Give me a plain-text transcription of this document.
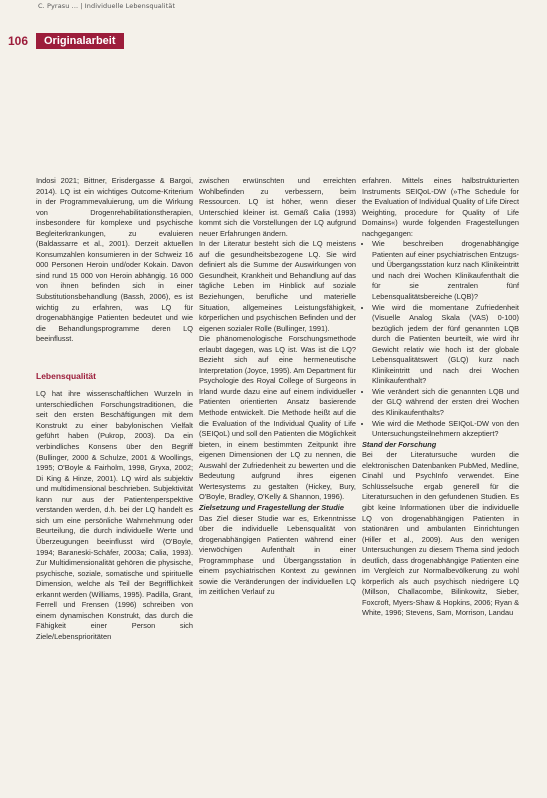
C. Pyrasu ... | Individuelle Lebensqualität
106	Originalarbeit

Indosi 2021; Bittner, Erisdergasse & Bargoi, 2014). LQ ist ein wichtiges Outcome-Kriterium in der Programmevaluierung, um die Wirkung von Drogenrehabilitationstherapien, insbesondere für komplexe und psychische Begleiterkrankungen, zu evaluieren (Baldassarre et al., 2001). Derzeit aktuellen Konsumzahlen konsumieren in der Schweiz 16 000 Personen Heroin und/oder Kokain. Davon sind rund 15 000 von Heroin abhängig. 16 000 von ihnen befinden sich in einer Substitutionsbehandlung (Bassh, 2006), es ist wichtig zu erfahren, was LQ für drogenabhängige Patienten bedeutet und wie die Behandlungsprogramme deren LQ beeinflusst.

Lebensqualität

LQ hat ihre wissenschaftlichen Wurzeln in unterschiedlichen Forschungstraditionen, die seit den ersten Beschäftigungen mit dem Konstrukt zu einer babylonischen Vielfalt geführt haben (Pukrop, 2003). Da ein verbindliches Konsens über den Begriff (Bullinger, 2000 & Schulze, 2001 & Woollings, 1995; O'Boyle & Fairholm, 1998, Gryxa, 2002; Di King & Hinze, 2001). LQ wird als subjektiv und multidimensional beschrieben. Subjektivität kann nur aus der Patientenperspektive verstanden werden, d.h. bei der LQ handelt es sich um eine persönliche Wahrnehmung oder Beurteilung, die durch individuelle Werte und Überzeugungen beeinflusst wird (O'Boyle, 1994; Baraneski-Schäfer, 2003a; Calia, 1993). Zur Multidimensionalität gehören die physische, psychische, soziale, somatische und spirituelle Dimension, welche als Teil der Begrifflichkeit erkannt werden (Williams, 1995). Padilla, Grant, Ferrell und Frensen (1996) schreiben von einem dynamischen Konstrukt, das durch die Fähigkeit einer Person sich Ziele/Lebensprioritäten

zwischen erwünschten und erreichten Wohlbefinden zu verbessern, beim Ressourcen. LQ ist höher, wenn dieser Unterschied kleiner ist. Gemäß Calia (1993) kommt sich die Vorstellungen der LQ aufgrund neuer Erfahrungen ändern.

In der Literatur besteht sich die LQ meistens auf die gesundheitsbezogene LQ. Sie wird definiert als die Summe der Auswirkungen von Gesundheit, Krankheit und Behandlung auf das tägliche Leben im Hinblick auf soziale Beziehungen, berufliche und materielle Situation, allgemeines Leistungsfähigkeit, körperlichen und psychischen Befinden und der eigenen sozialer Rolle (Bullinger, 1991).

Die phänomenologische Forschungsmethode erlaubt dagegen, was LQ ist. Was ist die LQ? Bezieht sich auf eine hermeneutische Interpretation (Joyce, 1995). Am Department für Psychologie des Royal College of Surgeons in Irland wurde dazu eine auf einem individueller Patienten orientierten Ansatz basierende Methode entwickelt. Die Methode heißt auf die die Evaluation of the Individual Quality of Life (SEIQoL) und soll den Patienten die Möglichkeit bieten, in einem bestimmten Zeitpunkt ihre eigenen Dimensionen der LQ zu nennen, die Auswahl der Zufriedenheit zu bewerten und die Bedeutung aufgrund ihres eigenen Wertesystems zu gestalten (Hickey, Bury, O'Boyle, Bradley, O'Kelly & Shannon, 1996).

Zielsetzung und Fragestellung der Studie

Das Ziel dieser Studie war es, Erkenntnisse über die individuelle Lebensqualität von drogenabhängigen Patienten während einer vierwöchigen Aufenthalt in einer Programmphase und Übergangsstation in einem psychiatrischen Kontext zu gewinnen sowie die Veränderungen der individuellen LQ im zeitlichen Verlauf zu

erfahren. Mittels eines halbstrukturierten Instruments SEIQoL-DW (»The Schedule for the Evaluation of Individual Quality of Life Direct Weighting, procedure for Quality of Life Domains«) wurde folgenden Fragestellungen nachgegangen:

• Wie beschreiben drogenabhängige Patienten auf einer psychiatrischen Entzugs- und Übergangsstation kurz nach Klinikeintritt und nach drei Wochen Klinikaufenthalt die für sie zentralen fünf Lebensqualitätsbereiche (LQB)?
• Wie wird die momentane Zufriedenheit (Visuelle Analog Skala (VAS) 0-100) bezüglich jedem der fünf genannten LQB durch die Patienten beurteilt, wie wird ihr Gewicht relativ wie hoch ist der globale Lebensqualitätswert (GLQ) kurz nach Klinikeintritt und nach drei Wochen Klinikaufenthalt?
• Wie verändert sich die genannten LQB und der GLQ während der ersten drei Wochen des Klinikaufenthalts?
• Wie wird die Methode SEIQoL-DW von den Untersuchungsteilnehmern akzeptiert?

Stand der Forschung

Bei der Literatursuche wurden die elektronischen Datenbanken PubMed, Medline, Cinahl und PsychInfo verwendet. Eine Schlüsselsuche ergab generell für die Literatursuchen in den gefundenen Studien. Es gibt keine Informationen über die individuelle LQ von drogenabhängigen Patienten in stationären und ambulanten Einrichtungen (Hiller et al., 2009). Aus den wenigen Untersuchungen zu diesem Thema sind jedoch deutlich, dass drogenabhängige Patienten eine im Vergleich zur Normalbevölkerung zu wohl körperlich als auch psychisch niedrigere LQ (Millson, Challacombe, Bilinkowitz, Sieber, Foxcroft, Myers-Shaw & Hopkins, 2006; Ryan & White, 1996; Stevens, Sam, Morrison, Landau
